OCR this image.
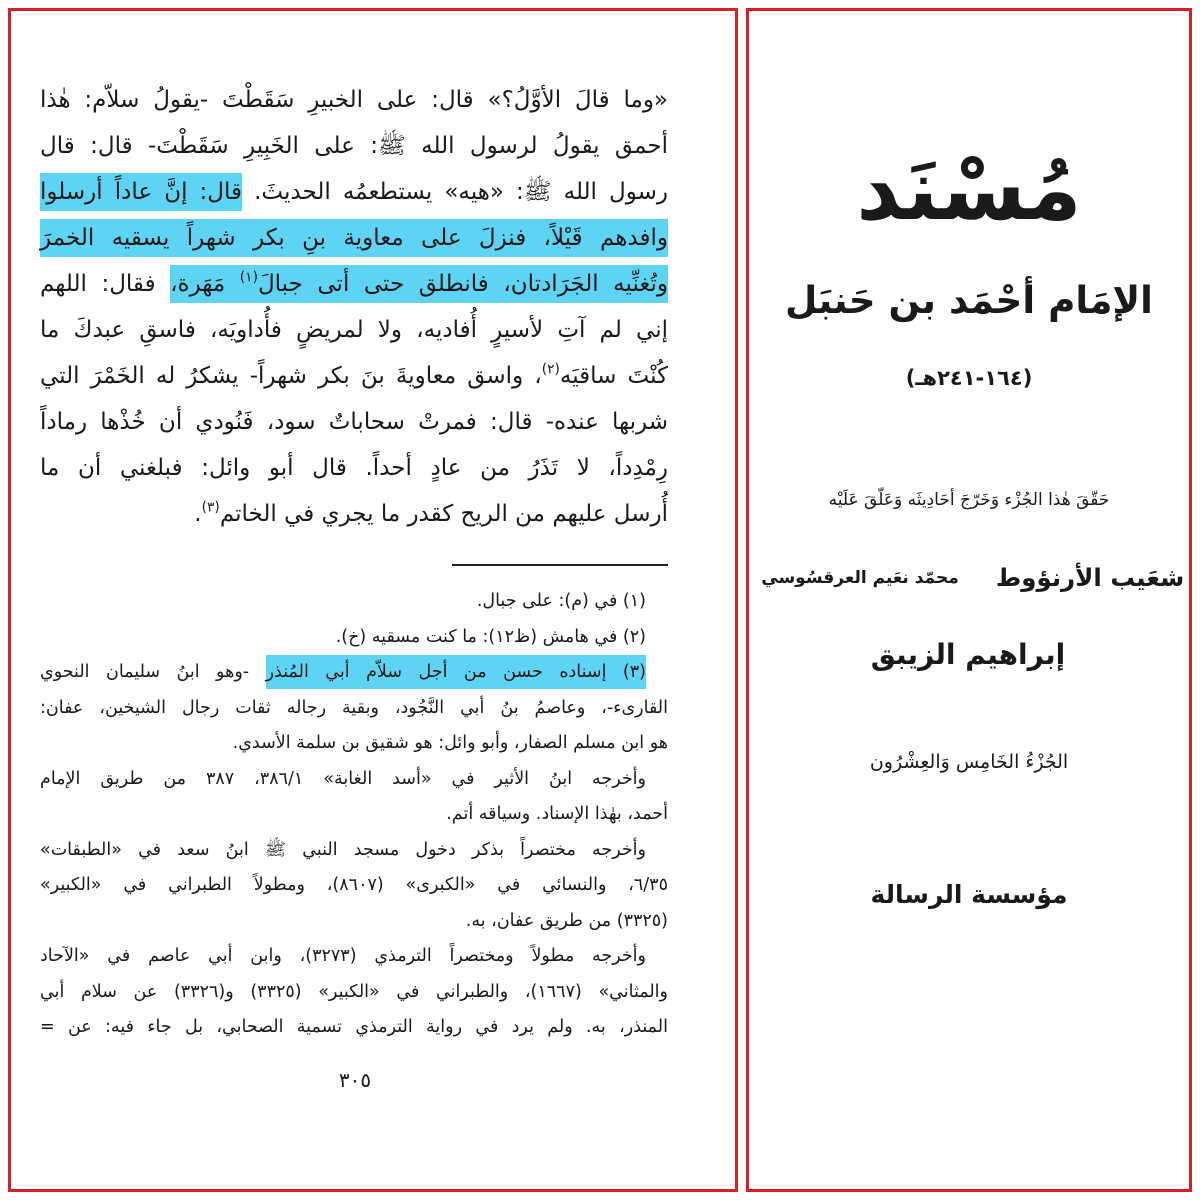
«وما قالَ الأوَّلُ؟» قال: على الخبيرِ سَقَطْتَ -يقولُ سلاّم: هٰذا
أحمق يقولُ لرسول الله ﷺ: على الخَبِيرِ سَقَطْتَ- قال: قال
رسول الله ﷺ: «هيه» يستطعمُه الحديثَ. قال: إنَّ عاداً أرسلوا
وافدهم قَيْلاً، فنزلَ على معاوية بنِ بكر شهراً يسقيه الخمرَ
وتُغنِّيه الجَرَادتان، فانطلق حتى أتى جبالَ$^{(١)}$ مَهَرة، فقال: اللهم
إني لم آتِ لأسيرٍ أُفاديه، ولا لمريضٍ فأُداويَه، فاسقِ عبدكَ ما
كُنْتَ ساقيَه$^{(٢)}$، واسق معاويةَ بنَ بكر شهراً- يشكرُ له الخَمْرَ التي
شربها عنده- قال: فمرتْ سحاباتٌ سود، فَنُودي أن خُذْها رماداً
رِمْدِداً، لا تَذَرُ من عادٍ أحداً. قال أبو وائل: فبلغني أن ما
أُرسل عليهم من الريح كقدر ما يجري في الخاتم$^{(٣)}$.
(١) في (م): على جبال.
(٢) في هامش (ظ١٢): ما كنت مسقيه (خ).
(٣) إسناده حسن من أجل سلاّم أبي المُنذر -وهو ابنُ سليمان النحوي
القارىء-، وعاصمُ بنُ أبي النَّجُود، وبقية رجاله ثقات رجال الشيخين، عفان:
هو ابن مسلم الصفار، وأبو وائل: هو شقيق بن سلمة الأسدي.
وأخرجه ابنُ الأثير في «أسد الغابة» ٣٨٦/١، ٣٨٧ من طريق الإمام
أحمد، بهٰذا الإسناد. وسياقه أتم.
وأخرجه مختصراً بذكر دخول مسجد النبي ﷺ ابنُ سعد في «الطبقات»
٦/٣٥، والنسائي في «الكبرى» (٨٦٠٧)، ومطولاً الطبراني في «الكبير»
(٣٣٢٥) من طريق عفان، به.
وأخرجه مطولاً ومختصراً الترمذي (٣٢٧٣)، وابن أبي عاصم في «الآحاد
والمثاني» (١٦٦٧)، والطبراني في «الكبير» (٣٣٢٥) و(٣٣٢٦) عن سلام أبي
المنذر، به. ولم يرد في رواية الترمذي تسمية الصحابي، بل جاء فيه: عن =
٣٠٥
مُسْنَد
الإمَام أحْمَد بن حَنبَل
(١٦٤-٢٤١هـ)
حَقّقَ هٰذا الجُزْء وَخَرّجَ أحَادِيثَه وَعَلّقَ عَلَيْه
شعَيب الأرنؤوط
محمّد نعَيم العرقسُوسي
إبراهيم الزيبق
الجُزْءُ الخَامِس وَالعِشْرُون
مؤسسة الرسالة
